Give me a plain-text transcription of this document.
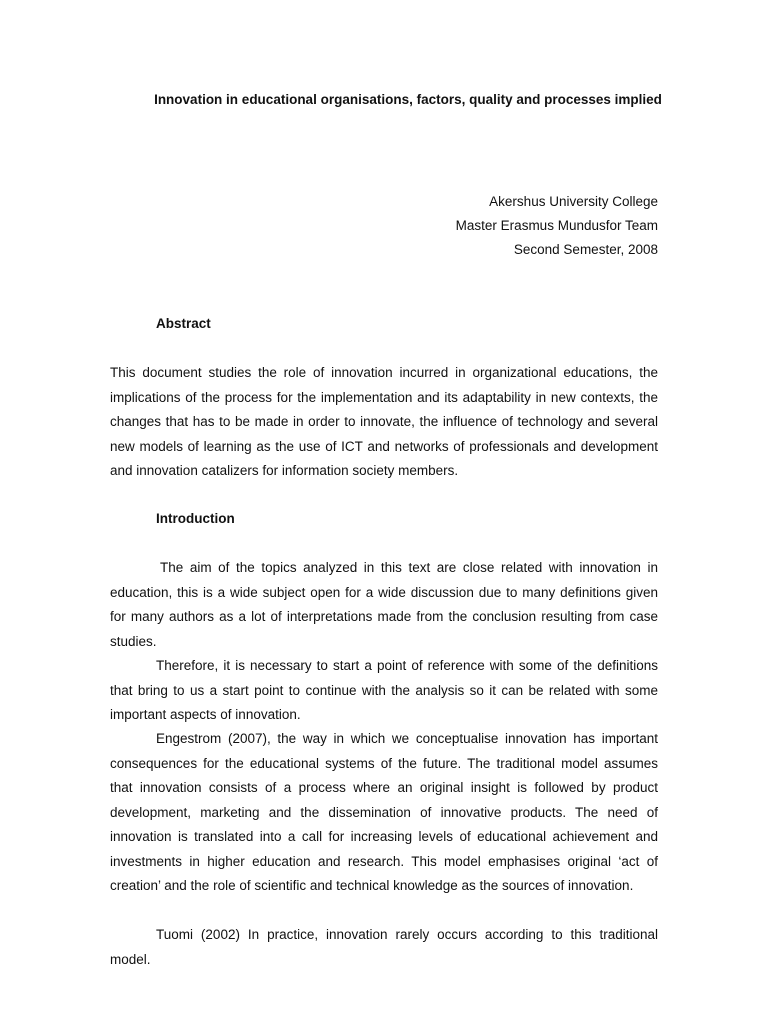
Innovation in educational organisations, factors, quality and processes implied

Akershus University College
Master Erasmus Mundusfor Team
Second Semester, 2008
Abstract

This document studies the role of innovation incurred in organizational educations, the implications of the process for the implementation and its adaptability in new contexts, the changes that has to be made in order to innovate, the influence of technology and several new models of learning as the use of ICT and networks of professionals and development and innovation catalizers for information society members.

Introduction

The aim of the topics analyzed in this text are close related with innovation in education, this is a wide subject open for a wide discussion due to many definitions given for many authors as a lot of interpretations made from the conclusion resulting from case studies.

Therefore, it is necessary to start a point of reference with some of the definitions that bring to us a start point to continue with the analysis so it can be related with some important aspects of innovation.

Engestrom (2007), the way in which we conceptualise innovation has important consequences for the educational systems of the future. The traditional model assumes that innovation consists of a process where an original insight is followed by product development, marketing and the dissemination of innovative products. The need of innovation is translated into a call for increasing levels of educational achievement and investments in higher education and research. This model emphasises original ‘act of creation’ and the role of scientific and technical knowledge as the sources of innovation.

Tuomi (2002) In practice, innovation rarely occurs according to this traditional model.
